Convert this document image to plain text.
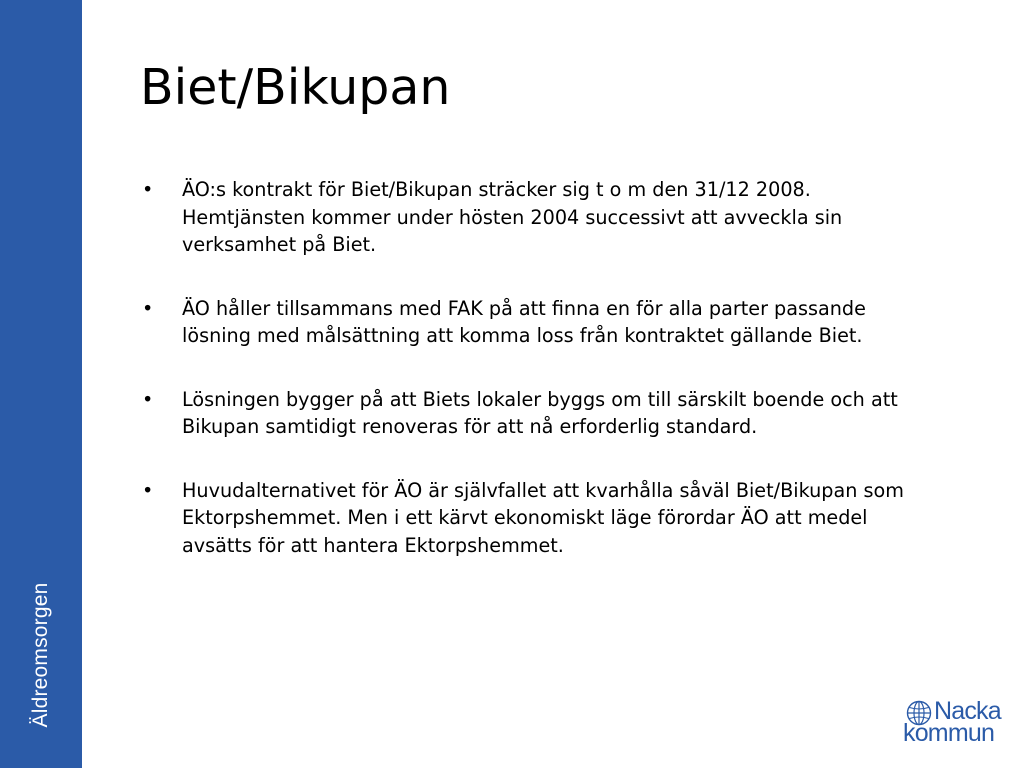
Äldreomsorgen
Biet/Bikupan
•	ÄO:s kontrakt för Biet/Bikupan sträcker sig t o m den 31/12 2008. Hemtjänsten kommer under hösten 2004 successivt att avveckla sin verksamhet på Biet.
•	ÄO håller tillsammans med FAK på att finna en för alla parter passande lösning med målsättning att komma loss från kontraktet gällande Biet.
•	Lösningen bygger på att Biets lokaler byggs om till särskilt boende och att Bikupan samtidigt renoveras för att nå erforderlig standard.
•	Huvudalternativet för ÄO är självfallet att kvarhålla såväl Biet/Bikupan som Ektorpshemmet. Men i ett kärvt ekonomiskt läge förordar ÄO att medel avsätts för att hantera Ektorpshemmet.
Nacka
kommun
